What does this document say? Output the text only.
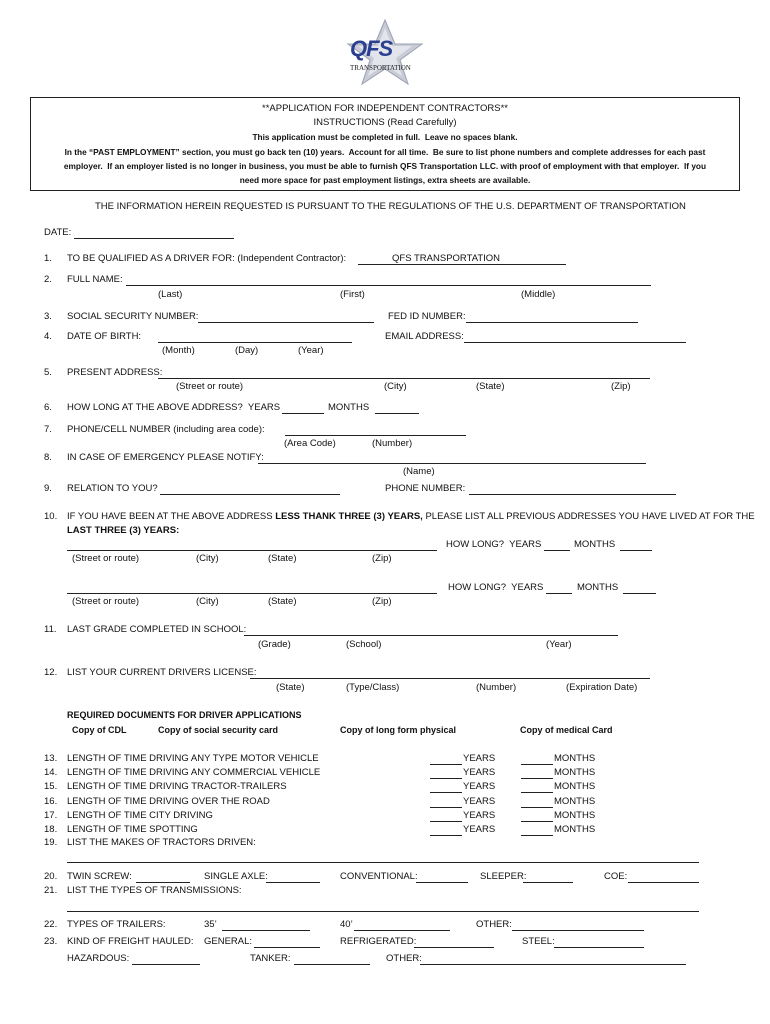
QFS
TRANSPORTATION
**APPLICATION FOR INDEPENDENT CONTRACTORS**
INSTRUCTIONS (Read Carefully)
This application must be completed in full.  Leave no spaces blank.
In the “PAST EMPLOYMENT” section, you must go back ten (10) years.  Account for all time.  Be sure to list phone numbers and complete addresses for each past
employer.  If an employer listed is no longer in business, you must be able to furnish QFS Transportation LLC. with proof of employment with that employer.  If you
need more space for past employment listings, extra sheets are available.
THE INFORMATION HEREIN REQUESTED IS PURSUANT TO THE REGULATIONS OF THE U.S. DEPARTMENT OF TRANSPORTATION
DATE:
1. TO BE QUALIFIED AS A DRIVER FOR: (Independent Contractor):	QFS TRANSPORTATION
2. FULL NAME:
(Last)	(First)	(Middle)
3. SOCIAL SECURITY NUMBER:	FED ID NUMBER:
4. DATE OF BIRTH:	EMAIL ADDRESS:
(Month)	(Day)	(Year)
5. PRESENT ADDRESS:
(Street or route)	(City)	(State)	(Zip)
6. HOW LONG AT THE ABOVE ADDRESS?  YEARS	MONTHS
7. PHONE/CELL NUMBER (including area code):
(Area Code)	(Number)
8. IN CASE OF EMERGENCY PLEASE NOTIFY:
(Name)
9. RELATION TO YOU?	PHONE NUMBER:
10. IF YOU HAVE BEEN AT THE ABOVE ADDRESS LESS THANK THREE (3) YEARS, PLEASE LIST ALL PREVIOUS ADDRESSES YOU HAVE LIVED AT FOR THE
LAST THREE (3) YEARS:
HOW LONG?  YEARS	MONTHS
(Street or route)	(City)	(State)	(Zip)
HOW LONG?  YEARS	MONTHS
(Street or route)	(City)	(State)	(Zip)
11. LAST GRADE COMPLETED IN SCHOOL:
(Grade)	(School)	(Year)
12. LIST YOUR CURRENT DRIVERS LICENSE:
(State)	(Type/Class)	(Number)	(Expiration Date)
REQUIRED DOCUMENTS FOR DRIVER APPLICATIONS
Copy of CDL	Copy of social security card	Copy of long form physical	Copy of medical Card
13. LENGTH OF TIME DRIVING ANY TYPE MOTOR VEHICLE	YEARS	MONTHS
14. LENGTH OF TIME DRIVING ANY COMMERCIAL VEHICLE	YEARS	MONTHS
15. LENGTH OF TIME DRIVING TRACTOR-TRAILERS	YEARS	MONTHS
16. LENGTH OF TIME DRIVING OVER THE ROAD	YEARS	MONTHS
17. LENGTH OF TIME CITY DRIVING	YEARS	MONTHS
18. LENGTH OF TIME SPOTTING	YEARS	MONTHS
19. LIST THE MAKES OF TRACTORS DRIVEN:
20. TWIN SCREW:	SINGLE AXLE:	CONVENTIONAL:	SLEEPER:	COE:
21. LIST THE TYPES OF TRANSMISSIONS:
22. TYPES OF TRAILERS:	35’	40’	OTHER:
23. KIND OF FREIGHT HAULED: GENERAL:	REFRIGERATED:	STEEL:
HAZARDOUS:	TANKER:	OTHER:
